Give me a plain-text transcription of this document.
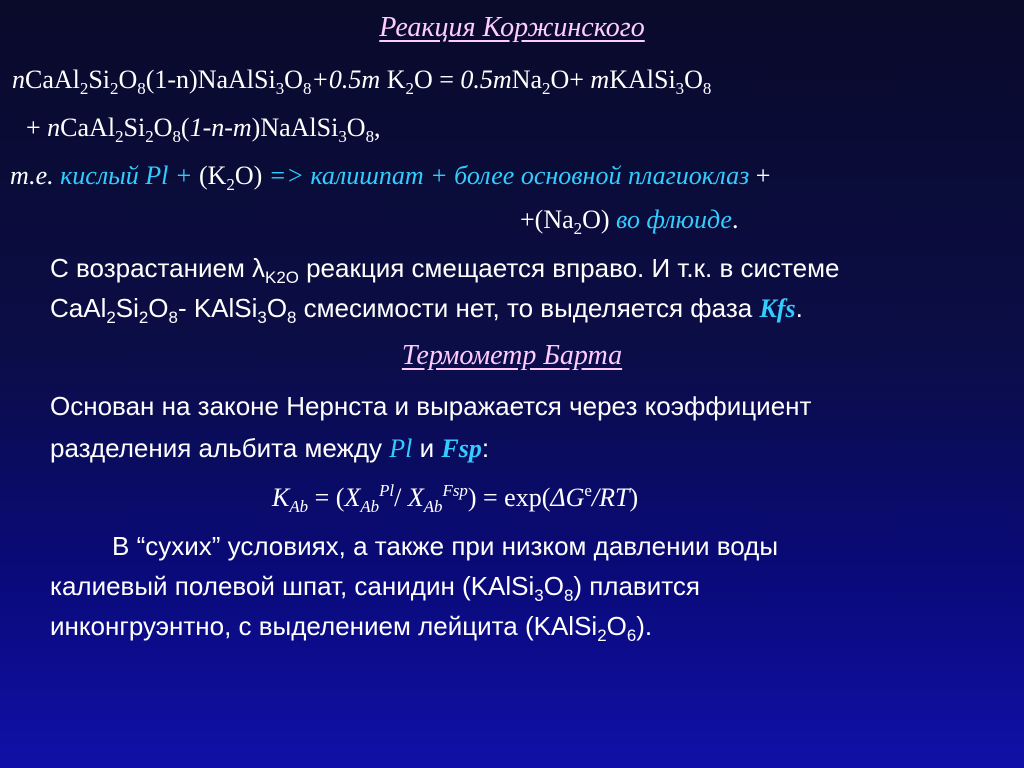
Реакция Коржинского
$nCaAl_2Si_2O_8(1-n)NaAlSi_3O_8+0.5m$ $K_2O = 0.5mNa_2O+$ $mKAlSi_3O_8$
+ $nCaAl_2Si_2O_8(1-n-m)NaAlSi_3O_8$,
т.е. кислый $Pl + (K_2O)$ => калишпат + более основной плагиоклаз +
$+(Na_2O)$ во флюиде.
С возрастанием $\lambda_{K2O}$ реакция смещается вправо. И т.к. в системе
$CaAl_2Si_2O_8-$ $KAlSi_3O_8$ смесимости нет, то выделяется фаза Kfs.
Термометр Барта
Основан на законе Нернста и выражается через коэффициент
разделения альбита между Pl и Fsp:
$K_{Ab} = (X_{Ab}^{Pl}/$ $X_{Ab}^{Fsp}) = \exp(\Delta G^e/RT)$
В “сухих” условиях, а также при низком давлении воды
калиевый полевой шпат, санидин $(KAlSi_3O_8)$ плавится
инконгруэнтно, с выделением лейцита $(KAlSi_2O_6)$.
